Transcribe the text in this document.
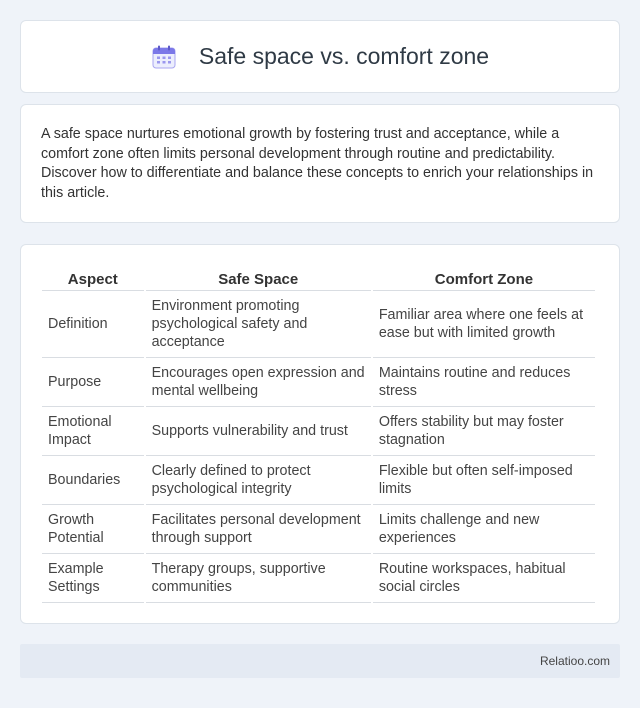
Safe space vs. comfort zone

A safe space nurtures emotional growth by fostering trust and acceptance, while a comfort zone often limits personal development through routine and predictability. Discover how to differentiate and balance these concepts to enrich your relationships in this article.

Aspect	Safe Space	Comfort Zone
Definition	Environment promoting psychological safety and acceptance	Familiar area where one feels at ease but with limited growth
Purpose	Encourages open expression and mental wellbeing	Maintains routine and reduces stress
Emotional Impact	Supports vulnerability and trust	Offers stability but may foster stagnation
Boundaries	Clearly defined to protect psychological integrity	Flexible but often self-imposed limits
Growth Potential	Facilitates personal development through support	Limits challenge and new experiences
Example Settings	Therapy groups, supportive communities	Routine workspaces, habitual social circles
Relatioo.com
